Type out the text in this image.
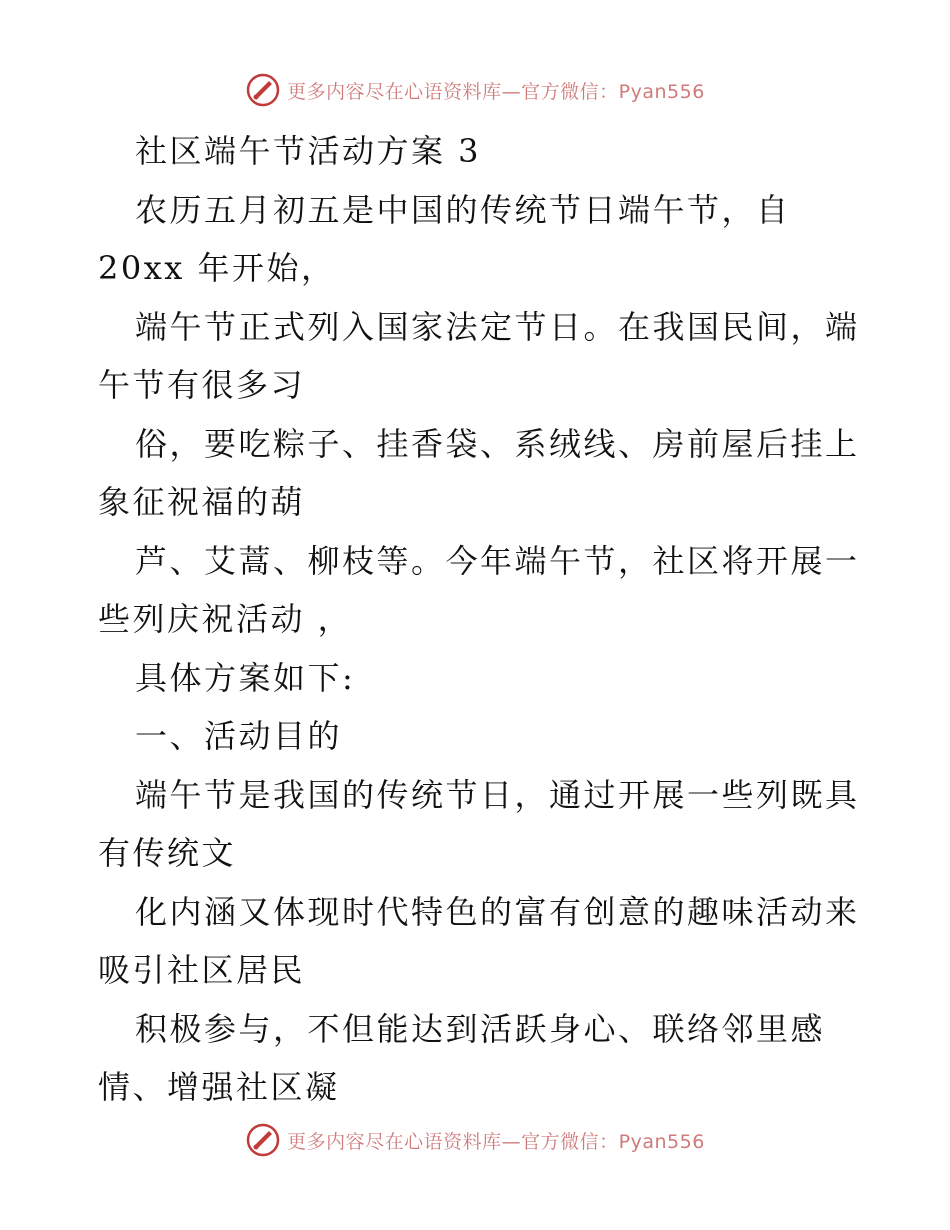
更多内容尽在心语资料库—官方微信：Pyan556
社区端午节活动方案 3
农历五月初五是中国的传统节日端午节，自
20xx 年开始，
端午节正式列入国家法定节日。在我国民间，端
午节有很多习
俗，要吃粽子、挂香袋、系绒线、房前屋后挂上
象征祝福的葫
芦、艾蒿、柳枝等。今年端午节，社区将开展一
些列庆祝活动 ，
具体方案如下:
一、活动目的
端午节是我国的传统节日，通过开展一些列既具
有传统文
化内涵又体现时代特色的富有创意的趣味活动来
吸引社区居民
积极参与，不但能达到活跃身心、联络邻里感
情、增强社区凝
更多内容尽在心语资料库—官方微信：Pyan556
